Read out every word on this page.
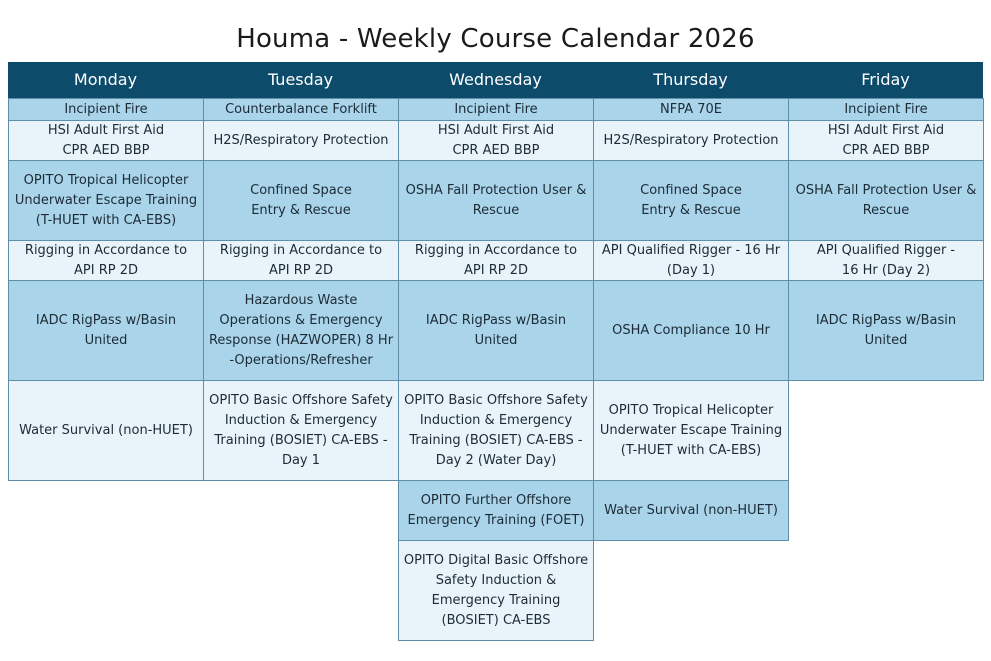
Houma - Weekly Course Calendar 2026
Monday
Incipient Fire
HSI Adult First Aid
CPR AED BBP
OPITO Tropical Helicopter
Underwater Escape Training
(T-HUET with CA-EBS)
Rigging in Accordance to
API RP 2D
IADC RigPass w/Basin
United
Water Survival (non-HUET)
Tuesday
Counterbalance Forklift
H2S/Respiratory Protection
Confined Space
Entry & Rescue
Rigging in Accordance to
API RP 2D
Hazardous Waste
Operations & Emergency
Response (HAZWOPER) 8 Hr
-Operations/Refresher
OPITO Basic Offshore Safety
Induction & Emergency
Training (BOSIET) CA-EBS -
Day 1
Wednesday
Incipient Fire
HSI Adult First Aid
CPR AED BBP
OSHA Fall Protection User &
Rescue
Rigging in Accordance to
API RP 2D
IADC RigPass w/Basin
United
OPITO Basic Offshore Safety
Induction & Emergency
Training (BOSIET) CA-EBS -
Day 2 (Water Day)
OPITO Further Offshore
Emergency Training (FOET)
OPITO Digital Basic Offshore
Safety Induction &
Emergency Training
(BOSIET) CA-EBS
Thursday
NFPA 70E
H2S/Respiratory Protection
Confined Space
Entry & Rescue
API Qualified Rigger - 16 Hr
(Day 1)
OSHA Compliance 10 Hr
OPITO Tropical Helicopter
Underwater Escape Training
(T-HUET with CA-EBS)
Water Survival (non-HUET)
Friday
Incipient Fire
HSI Adult First Aid
CPR AED BBP
OSHA Fall Protection User &
Rescue
API Qualified Rigger -
16 Hr (Day 2)
IADC RigPass w/Basin
United
